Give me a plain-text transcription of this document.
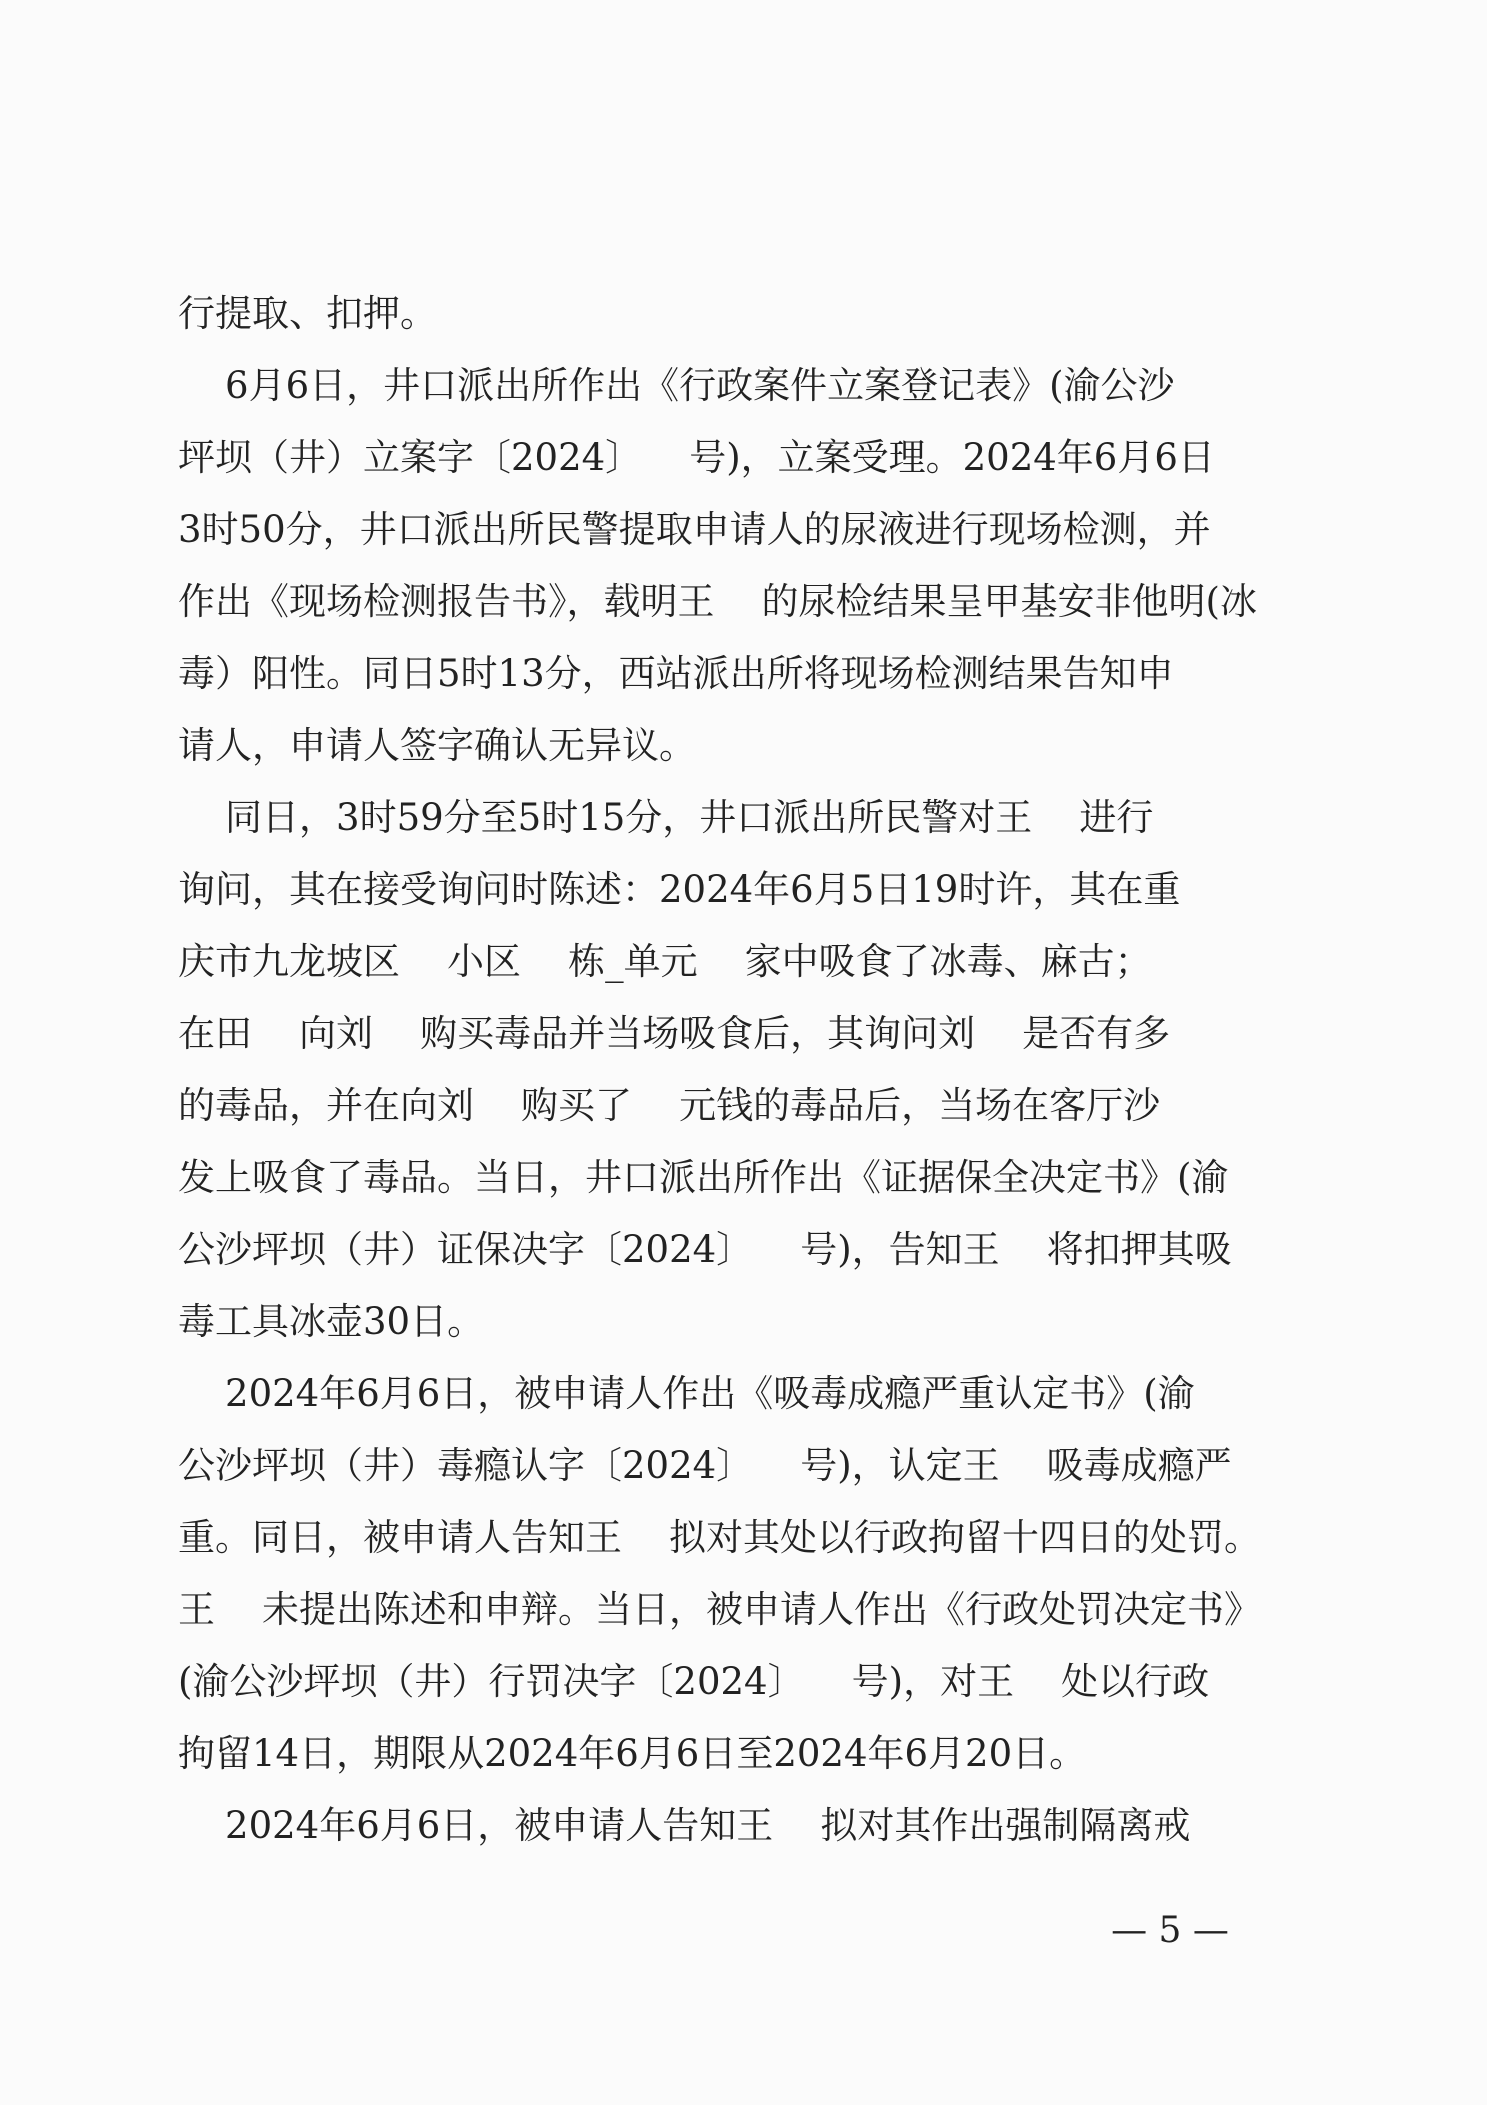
行提取、扣押。
6月6日，井口派出所作出《行政案件立案登记表》(渝公沙
坪坝（井）立案字〔2024〕    号)，立案受理。2024年6月6日
3时50分，井口派出所民警提取申请人的尿液进行现场检测，并
作出《现场检测报告书》，载明王    的尿检结果呈甲基安非他明(冰
毒）阳性。同日5时13分，西站派出所将现场检测结果告知申
请人，申请人签字确认无异议。
同日，3时59分至5时15分，井口派出所民警对王    进行
询问，其在接受询问时陈述：2024年6月5日19时许，其在重
庆市九龙坡区    小区    栋_单元    家中吸食了冰毒、麻古；
在田    向刘    购买毒品并当场吸食后，其询问刘    是否有多
的毒品，并在向刘    购买了    元钱的毒品后，当场在客厅沙
发上吸食了毒品。当日，井口派出所作出《证据保全决定书》(渝
公沙坪坝（井）证保决字〔2024〕    号)，告知王    将扣押其吸
毒工具冰壶30日。
2024年6月6日，被申请人作出《吸毒成瘾严重认定书》(渝
公沙坪坝（井）毒瘾认字〔2024〕    号)，认定王    吸毒成瘾严
重。同日，被申请人告知王    拟对其处以行政拘留十四日的处罚。
王    未提出陈述和申辩。当日，被申请人作出《行政处罚决定书》
(渝公沙坪坝（井）行罚决字〔2024〕    号)，对王    处以行政
拘留14日，期限从2024年6月6日至2024年6月20日。
2024年6月6日，被申请人告知王    拟对其作出强制隔离戒
— 5 —
